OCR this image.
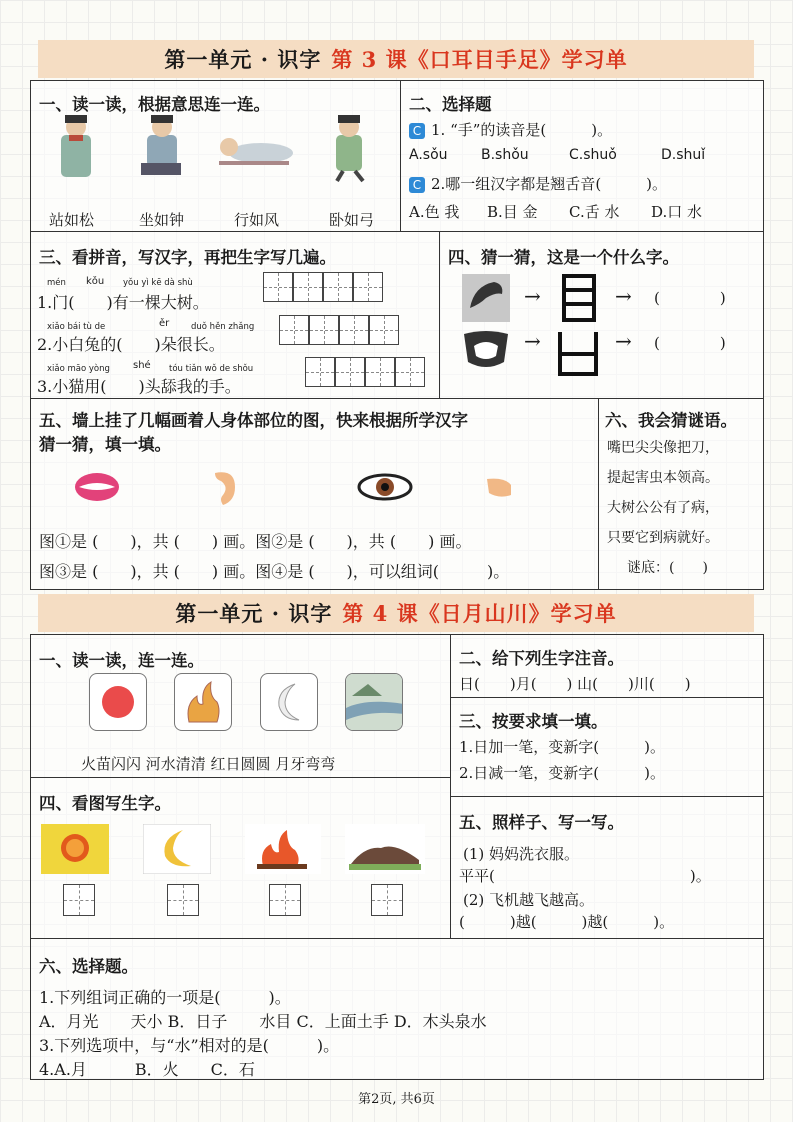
第一单元 · 识字 第 3 课《口耳目手足》学习单
一、读一读，根据意思连一连。
站如松	坐如钟	行如风	卧如弓
二、选择题
C 1. “手”的读音是(　　　)。
A.sǒu B.shǒu	C.shuǒ	D.shuǐ
C 2.哪一组汉字都是翘舌音(　　　)。
A.色 我 B.目 金 C.舌 水 D.口 水
三、看拼音，写汉字，再把生字写几遍。
mén kǒu yǒu yì kē dà shù
1.门(　　)有一棵大树。
xiǎo bái tù de	ěr	duǒ hěn zhǎng
2.小白兔的(　　)朵很长。
xiǎo māo yòng shé tóu tiǎn wǒ de shǒu
3.小猫用(　　)头舔我的手。
四、猜一猜，这是一个什么字。
→	→ (　　　　)
→	→ (　　　　)
五、墙上挂了几幅画着人身体部位的图，快来根据所学汉字
猜一猜，填一填。
图①是 (　　)，共 (　　) 画。图②是 (　　)，共 (　　) 画。
图③是 (　　)，共 (　　) 画。图④是 (　　)，可以组词(　　　)。
六、我会猜谜语。
嘴巴尖尖像把刀，
提起害虫本领高。
大树公公有了病，
只要它到病就好。
谜底：(　　)
第一单元 · 识字 第 4 课《日月山川》学习单
一、读一读，连一连。
火苗闪闪 河水清清 红日圆圆 月牙弯弯
二、给下列生字注音。
日(　　)月(　　) 山(　　)川(　　)
三、按要求填一填。
1.日加一笔，变新字(　　　)。
2.日减一笔，变新字(　　　)。
四、看图写生字。
五、照样子、写一写。
(1) 妈妈洗衣服。
平平(　　　　　　　　　　　　　)。
(2) 飞机越飞越高。
(　　　)越(　　　)越(　　　)。
六、选择题。
1.下列组词正确的一项是(　　　)。
A．月光　　天小 B．日子　　水目 C．上面土手 D．木头泉水
3.下列选项中，与“水”相对的是(　　　)。
4.A.月　　　B．火　　C．石
第2页, 共6页
